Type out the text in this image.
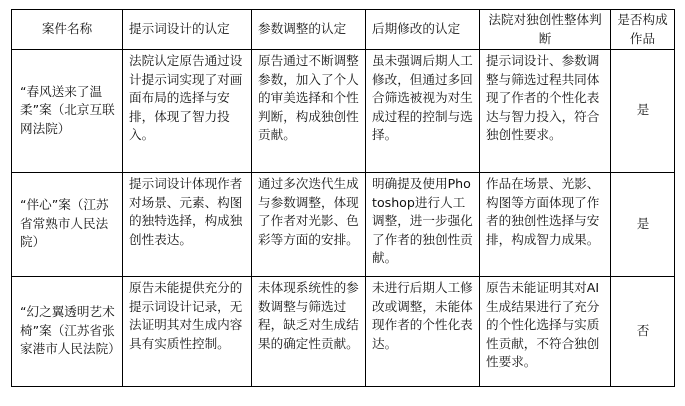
案件名称	提示词设计的认定	参数调整的认定	后期修改的认定	法院对独创性整体判断	是否构成作品
“春风送来了温柔”案（北京互联网法院）	法院认定原告通过设计提示词实现了对画面布局的选择与安排，体现了智力投入。	原告通过不断调整参数，加入了个人的审美选择和个性判断，构成独创性贡献。	虽未强调后期人工修改，但通过多回合筛选被视为对生成过程的控制与选择。	提示词设计、参数调整与筛选过程共同体现了作者的个性化表达与智力投入，符合独创性要求。	是
“伴心”案（江苏省常熟市人民法院）	提示词设计体现作者对场景、元素、构图的独特选择，构成独创性表达。	通过多次迭代生成与参数调整，体现了作者对光影、色彩等方面的安排。	明确提及使用Photoshop进行人工调整，进一步强化了作者的独创性贡献。	作品在场景、光影、构图等方面体现了作者的独创性选择与安排，构成智力成果。	是
“幻之翼透明艺术椅”案（江苏省张家港市人民法院）	原告未能提供充分的提示词设计记录，无法证明其对生成内容具有实质性控制。	未体现系统性的参数调整与筛选过程，缺乏对生成结果的确定性贡献。	未进行后期人工修改或调整，未能体现作者的个性化表达。	原告未能证明其对AI生成结果进行了充分的个性化选择与实质性贡献，不符合独创性要求。	否
